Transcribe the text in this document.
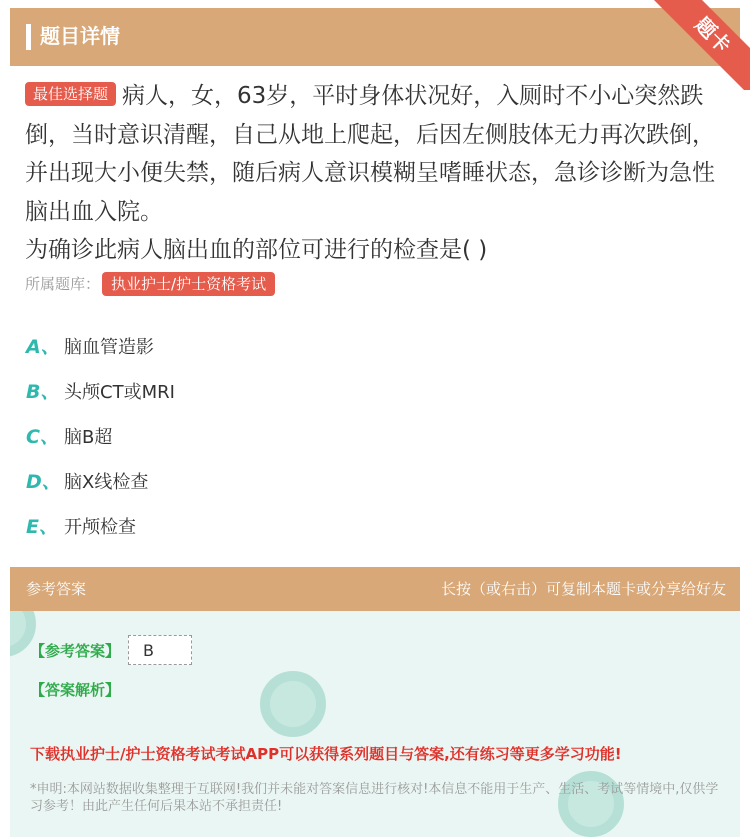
题目详情	题卡
最佳选择题 病人，女，63岁，平时身体状况好，入厕时不小心突然跌倒，当时意识清醒，自己从地上爬起，后因左侧肢体无力再次跌倒，并出现大小便失禁，随后病人意识模糊呈嗜睡状态，急诊诊断为急性脑出血入院。
为确诊此病人脑出血的部位可进行的检查是( )
所属题库： 执业护士/护士资格考试
A、 脑血管造影
B、 头颅CT或MRI
C、 脑B超
D、 脑X线检查
E、 开颅检查
参考答案	长按（或右击）可复制本题卡或分享给好友
【参考答案】	B
【答案解析】
下载执业护士/护士资格考试考试APP可以获得系列题目与答案,还有练习等更多学习功能!
*申明:本网站数据收集整理于互联网!我们并未能对答案信息进行核对!本信息不能用于生产、生活、考试等情境中,仅供学习参考！由此产生任何后果本站不承担责任!
